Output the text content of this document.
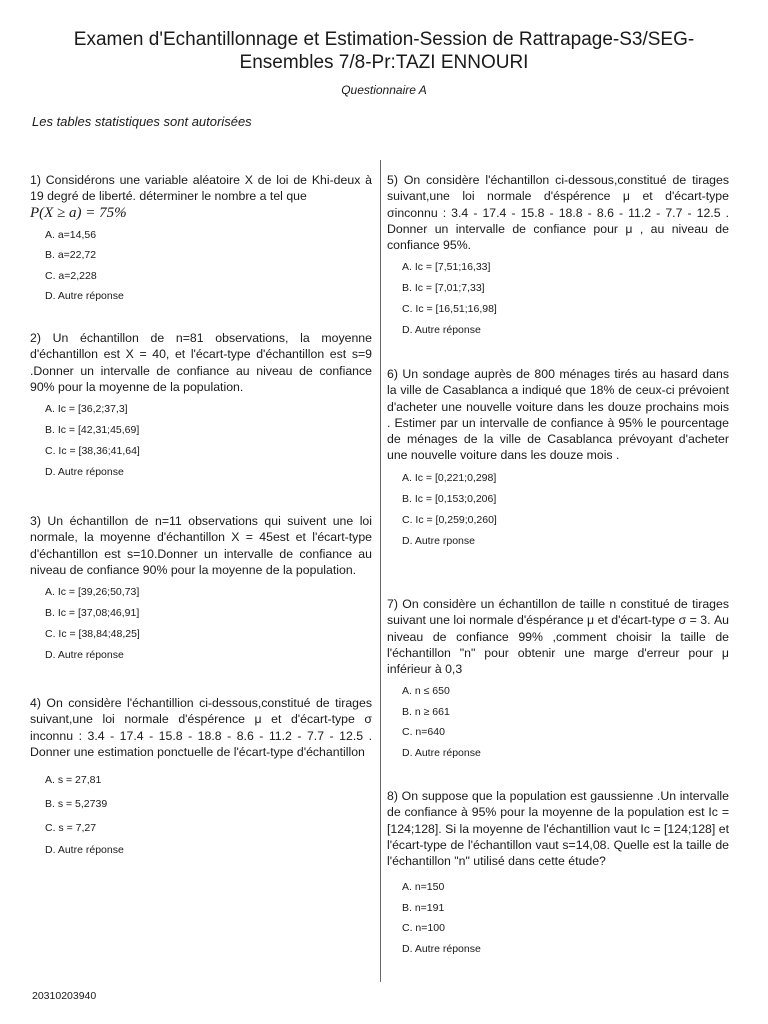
Examen d'Echantillonnage et Estimation-Session de Rattrapage-S3/SEG-Ensembles 7/8-Pr:TAZI ENNOURI
Questionnaire A
Les tables statistiques sont autorisées

1) Considérons une variable aléatoire X de loi de Khi-deux à 19 degré de liberté. déterminer le nombre a tel que
P(X ≥ a) = 75%

A. a=14,56
B. a=22,72
C. a=2,228
D. Autre réponse

2) Un échantillon de n=81 observations, la moyenne d'échantillon est X = 40, et l'écart-type d'échantillon est s=9 .Donner un intervalle de confiance au niveau de confiance 90% pour la moyenne de la population.

A. Ic = [36,2;37,3]
B. Ic = [42,31;45,69]
C. Ic = [38,36;41,64]
D. Autre réponse

3) Un échantillon de n=11 observations qui suivent une loi normale, la moyenne d'échantillon X = 45est et l'écart-type d'échantillon est s=10.Donner un intervalle de confiance au niveau de confiance 90% pour la moyenne de la population.

A. Ic = [39,26;50,73]
B. Ic = [37,08;46,91]
C. Ic = [38,84;48,25]
D. Autre réponse

4) On considère l'échantillion ci-dessous,constitué de tirages suivant,une loi normale d'éspérence μ et d'écart-type σ inconnu : 3.4 - 17.4 - 15.8 - 18.8 - 8.6 - 11.2 - 7.7 - 12.5 . Donner une estimation ponctuelle de l'écart-type d'échantillon

A. s = 27,81
B. s = 5,2739
C. s = 7,27
D. Autre réponse

5) On considère l'échantillon ci-dessous,constitué de tirages suivant,une loi normale d'éspérence μ et d'écart-type σinconnu : 3.4 - 17.4 - 15.8 - 18.8 - 8.6 - 11.2 - 7.7 - 12.5 . Donner un intervalle de confiance pour μ , au niveau de confiance 95%.

A. Ic = [7,51;16,33]
B. Ic = [7,01;7,33]
C. Ic = [16,51;16,98]
D. Autre réponse

6) Un sondage auprès de 800 ménages tirés au hasard dans la ville de Casablanca a indiqué que 18% de ceux-ci prévoient d'acheter une nouvelle voiture dans les douze prochains mois . Estimer par un intervalle de confiance à 95% le pourcentage de ménages de la ville de Casablanca prévoyant d'acheter une nouvelle voiture dans les douze mois .

A. Ic = [0,221;0,298]
B. Ic = [0,153;0,206]
C. Ic = [0,259;0,260]
D. Autre rponse

7) On considère un échantillon de taille n constitué de tirages suivant une loi normale d'éspérance μ et d'écart-type σ = 3. Au niveau de confiance 99% ,comment choisir la taille de l'échantillon "n" pour obtenir une marge d'erreur pour μ inférieur à 0,3

A. n ≤ 650
B. n ≥ 661
C. n=640
D. Autre réponse

8) On suppose que la population est gaussienne .Un intervalle de confiance à 95% pour la moyenne de la population est Ic = [124;128]. Si la moyenne de l'échantillion vaut Ic = [124;128] et l'écart-type de l'échantillon vaut s=14,08. Quelle est la taille de l'échantillon "n" utilisé dans cette étude?

A. n=150
B. n=191
C. n=100
D. Autre réponse
20310203940
